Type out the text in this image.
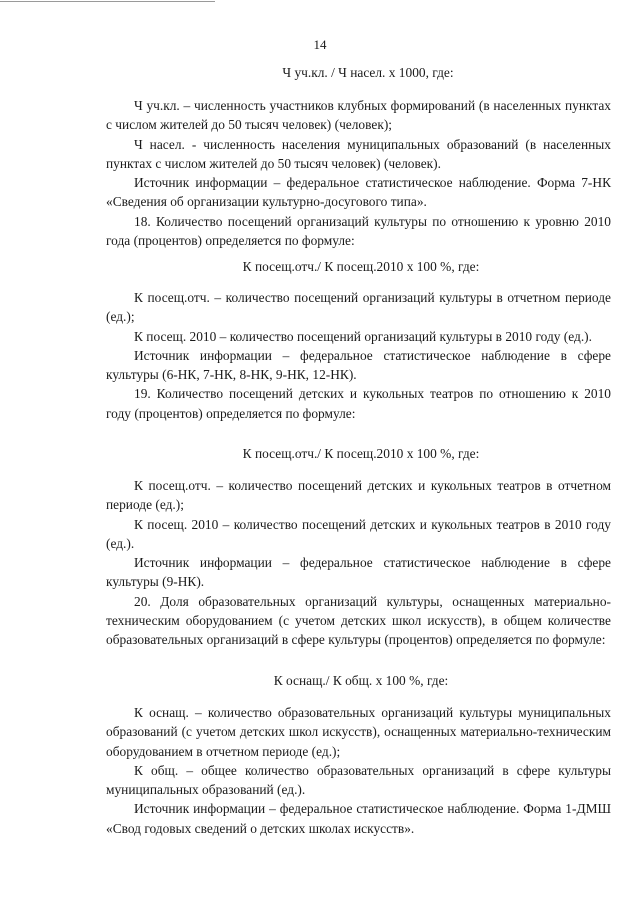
14
Ч уч.кл. / Ч насел. х 1000, где:
Ч уч.кл. – численность участников клубных формирований (в населенных пунктах с числом жителей до 50 тысяч человек) (человек);
Ч насел. - численность населения муниципальных образований (в населенных пунктах с числом жителей до 50 тысяч человек) (человек).
Источник информации – федеральное статистическое наблюдение. Форма 7-НК «Сведения об организации культурно-досугового типа».
18. Количество посещений организаций культуры по отношению к уровню 2010 года (процентов) определяется по формуле:
К посещ.отч./ К посещ.2010 х 100 %, где:
К посещ.отч. – количество посещений организаций культуры в отчетном периоде (ед.);
К посещ. 2010 – количество посещений организаций культуры в 2010 году (ед.).
Источник информации – федеральное статистическое наблюдение в сфере культуры (6-НК, 7-НК, 8-НК, 9-НК, 12-НК).
19. Количество посещений детских и кукольных театров по отношению к 2010 году (процентов) определяется по формуле:
К посещ.отч./ К посещ.2010 х 100 %, где:
К посещ.отч. – количество посещений детских и кукольных театров в отчетном периоде (ед.);
К посещ. 2010 – количество посещений детских и кукольных театров в 2010 году (ед.).
Источник информации – федеральное статистическое наблюдение в сфере культуры (9-НК).
20. Доля образовательных организаций культуры, оснащенных материально-техническим оборудованием (с учетом детских школ искусств), в общем количестве образовательных организаций в сфере культуры (процентов) определяется по формуле:
К оснащ./ К общ. х 100 %, где:
К оснащ. – количество образовательных организаций культуры муниципальных образований (с учетом детских школ искусств), оснащенных материально-техническим оборудованием в отчетном периоде (ед.);
К общ. – общее количество образовательных организаций в сфере культуры муниципальных образований (ед.).
Источник информации – федеральное статистическое наблюдение. Форма 1-ДМШ «Свод годовых сведений о детских школах искусств».
